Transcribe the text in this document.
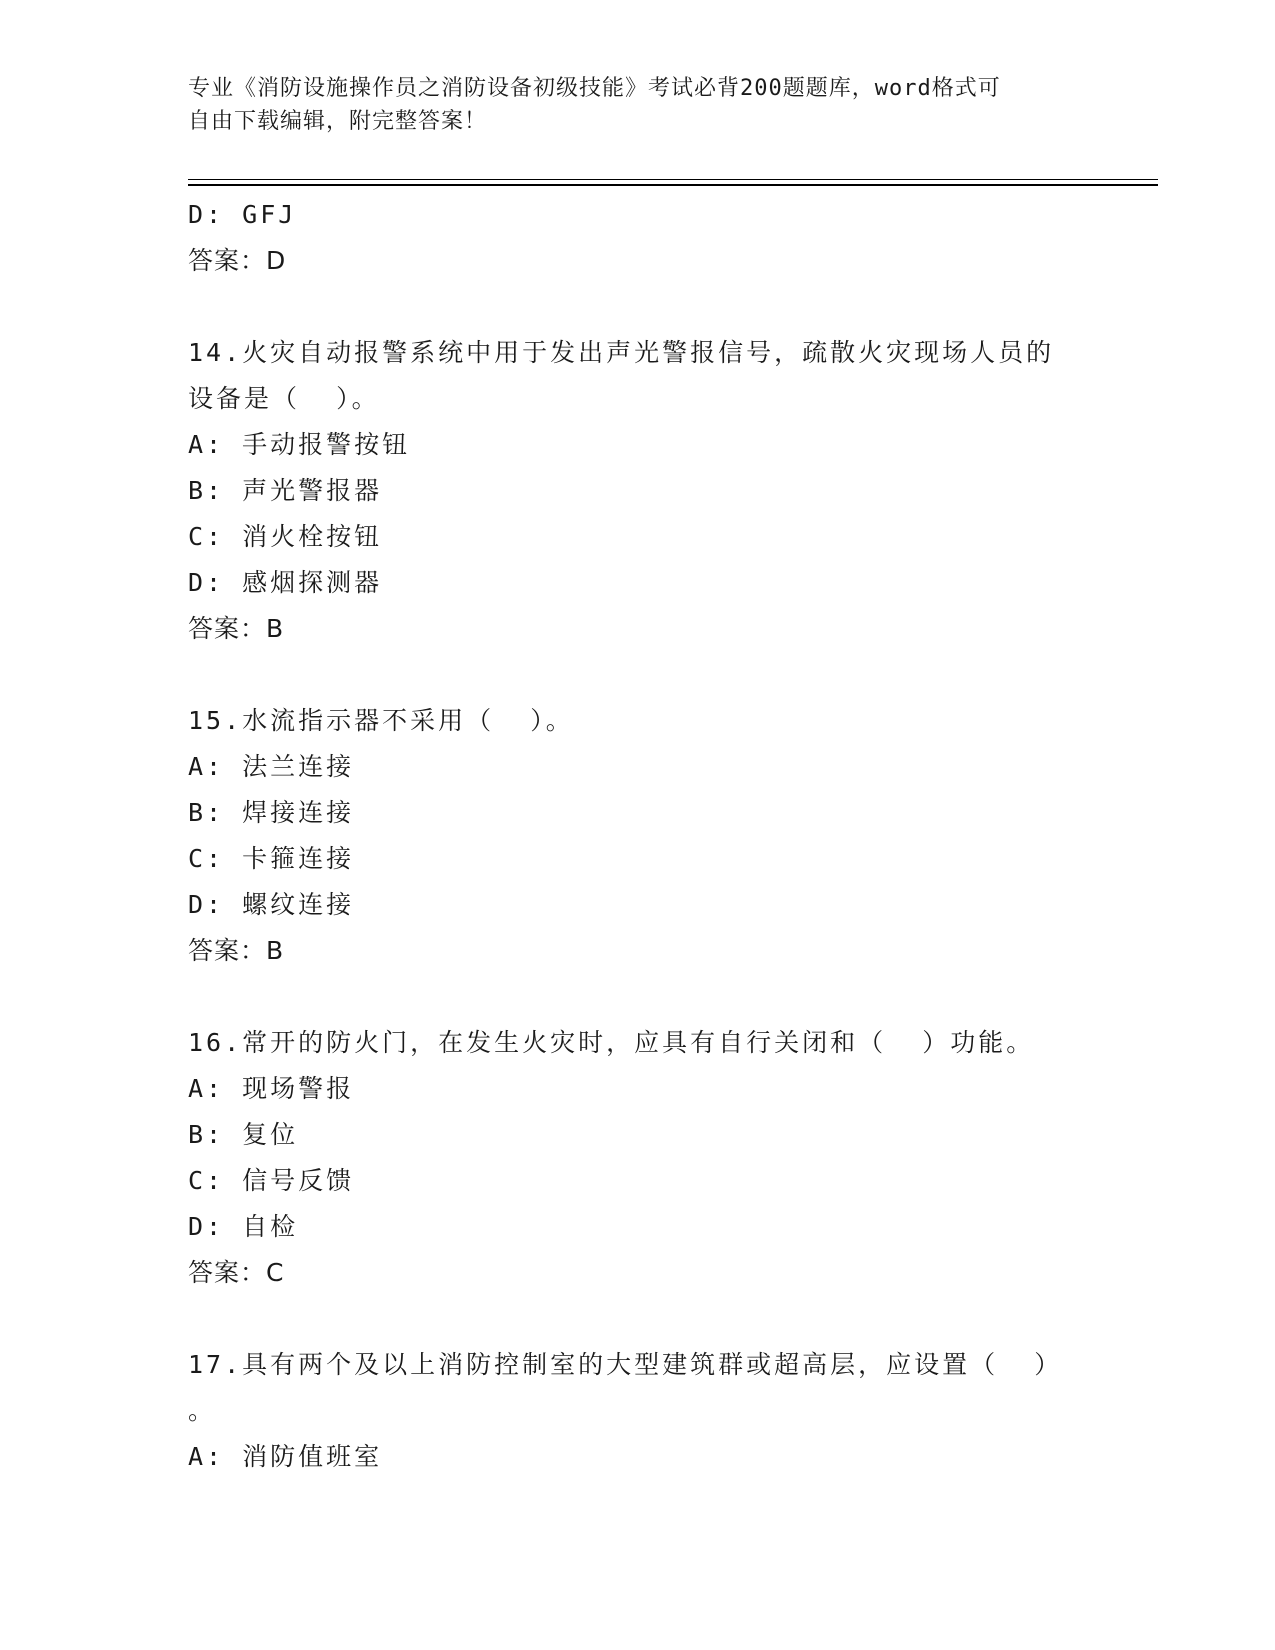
专业《消防设施操作员之消防设备初级技能》考试必背200题题库，word格式可
自由下载编辑，附完整答案！
D: GFJ
答案：D
14.火灾自动报警系统中用于发出声光警报信号，疏散火灾现场人员的
设备是（  ）。
A: 手动报警按钮
B: 声光警报器
C: 消火栓按钮
D: 感烟探测器
答案：B
15.水流指示器不采用（  ）。
A: 法兰连接
B: 焊接连接
C: 卡箍连接
D: 螺纹连接
答案：B
16.常开的防火门，在发生火灾时，应具有自行关闭和（  ）功能。
A: 现场警报
B: 复位
C: 信号反馈
D: 自检
答案：C
17.具有两个及以上消防控制室的大型建筑群或超高层，应设置（  ）
。
A: 消防值班室
